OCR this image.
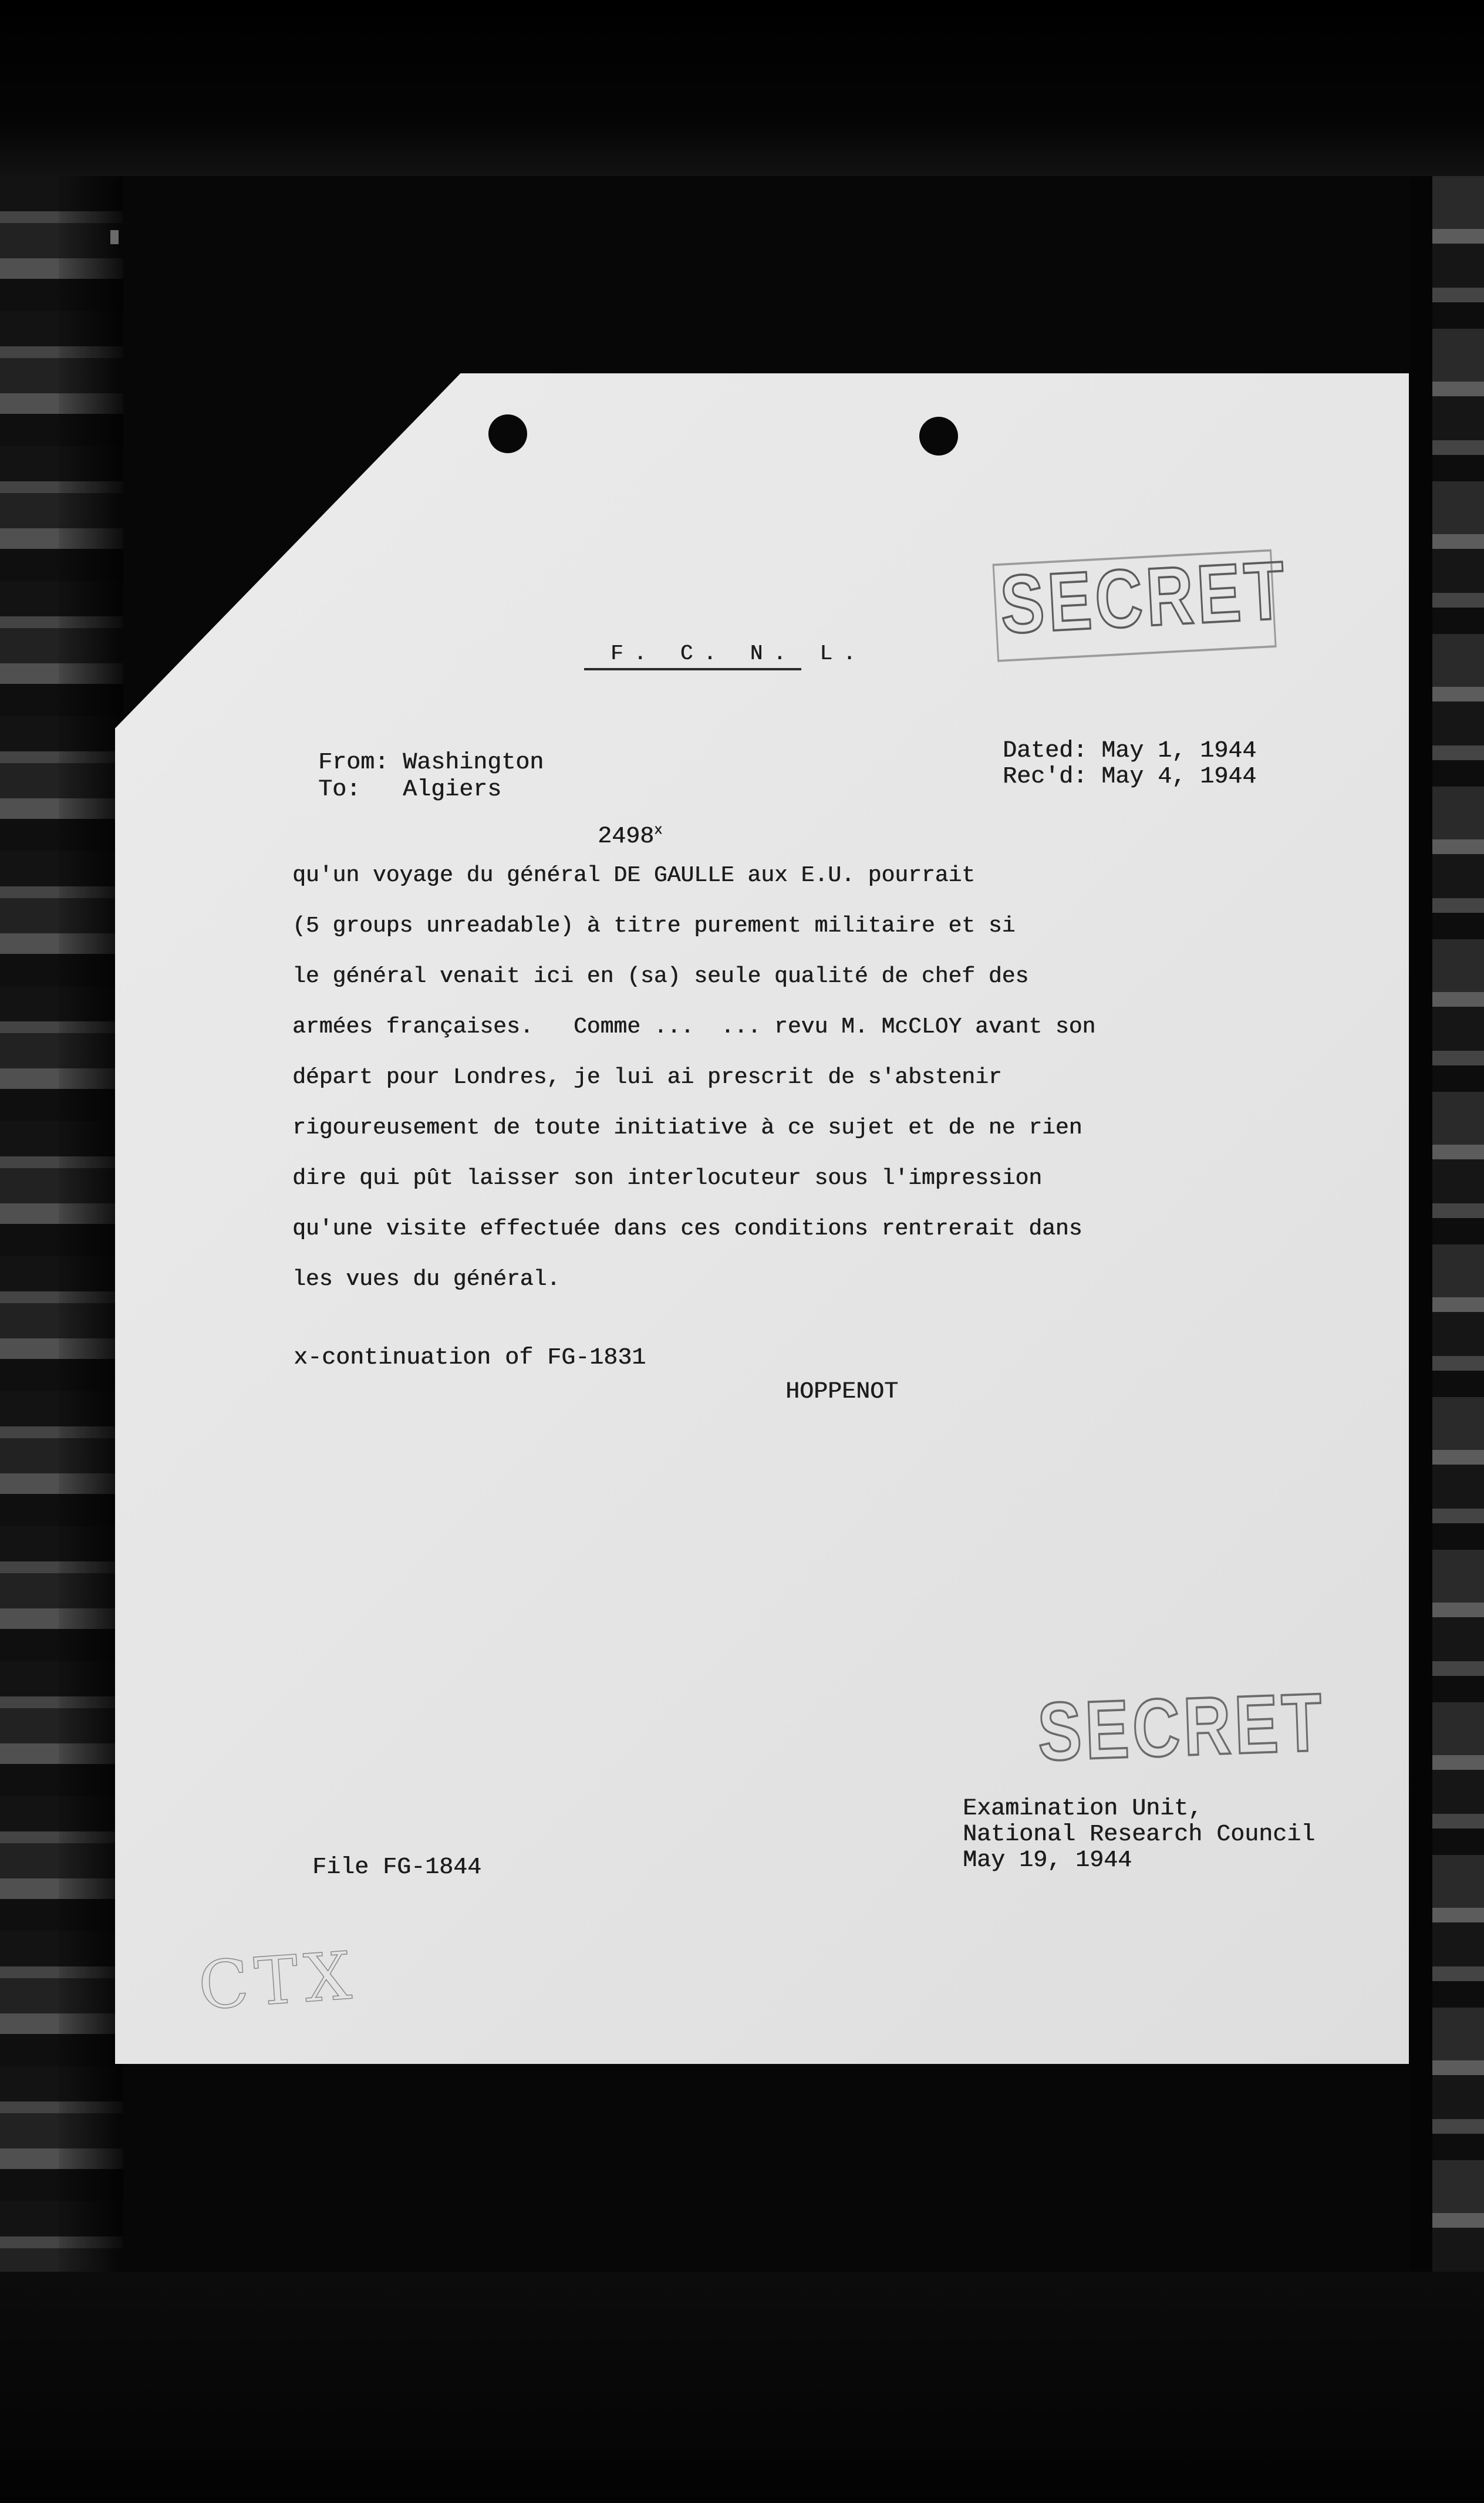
SECRET
SECRET
F. C. N. L.

From: Washington

To: Algiers

Dated: May 1, 1944

Rec'd: May 4, 1944

2498$^x$

qu'un voyage du général DE GAULLE aux E.U. pourrait
(5 groups unreadable) à titre purement militaire et si
le général venait ici en (sa) seule qualité de chef des
armées françaises.   Comme ...  ... revu M. McCLOY avant son
départ pour Londres, je lui ai prescrit de s'abstenir
rigoureusement de toute initiative à ce sujet et de ne rien
dire qui pût laisser son interlocuteur sous l'impression
qu'une visite effectuée dans ces conditions rentrerait dans
les vues du général.
x-continuation of FG-1831
HOPPENOT
Examination Unit,
National Research Council
May 19, 1944
File FG-1844
CTX
